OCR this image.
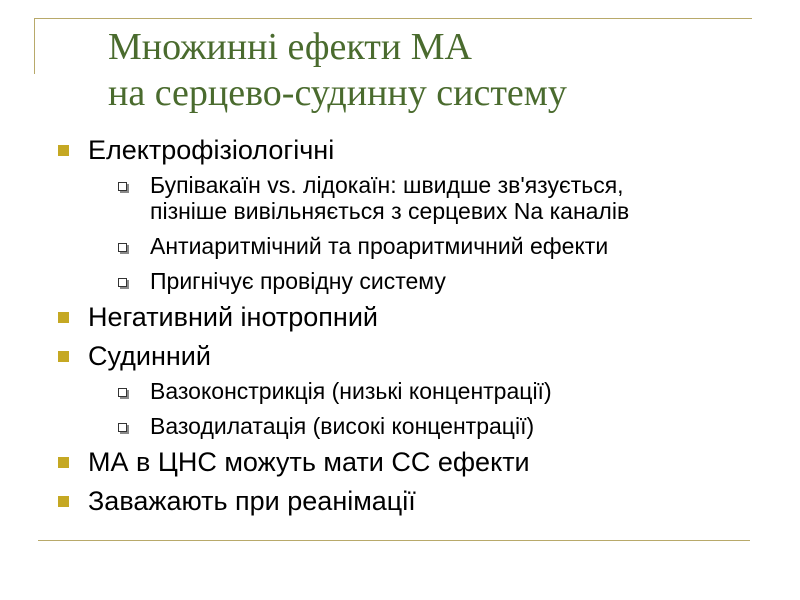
Множинні ефекти МА
на серцево-судинну систему
Електрофізіологічні
Бупівакаїн vs. лідокаїн: швидше зв'язується,
пізніше вивільняється з серцевих Na каналів
Антиаритмічний та проаритмичний ефекти
Пригнічує провідну систему
Негативний інотропний
Судинний
Вазоконстрикція (низькі концентрації)
Вазодилатація (високі концентрації)
МА в ЦНС можуть мати СС ефекти
Заважають при реанімації
